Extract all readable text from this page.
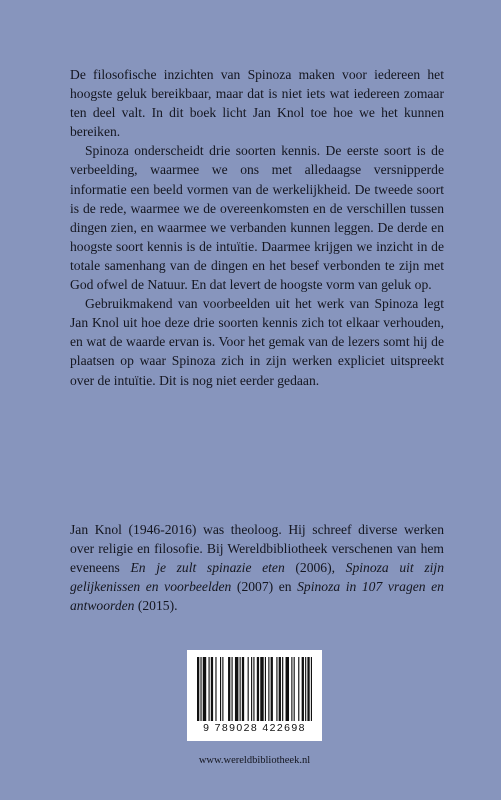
De filosofische inzichten van Spinoza maken voor iedereen het hoogste geluk bereikbaar, maar dat is niet iets wat iedereen zomaar ten deel valt. In dit boek licht Jan Knol toe hoe we het kunnen bereiken.

Spinoza onderscheidt drie soorten kennis. De eerste soort is de verbeelding, waarmee we ons met alledaagse versnipperde informatie een beeld vormen van de werkelijkheid. De tweede soort is de rede, waarmee we de overeenkomsten en de verschillen tussen dingen zien, en waarmee we verbanden kunnen leggen. De derde en hoogste soort kennis is de intuïtie. Daarmee krijgen we inzicht in de totale samenhang van de dingen en het besef verbonden te zijn met God ofwel de Natuur. En dat levert de hoogste vorm van geluk op.

Gebruikmakend van voorbeelden uit het werk van Spinoza legt Jan Knol uit hoe deze drie soorten kennis zich tot elkaar verhouden, en wat de waarde ervan is. Voor het gemak van de lezers somt hij de plaatsen op waar Spinoza zich in zijn werken expliciet uitspreekt over de intuïtie. Dit is nog niet eerder gedaan.

Jan Knol (1946-2016) was theoloog. Hij schreef diverse werken over religie en filosofie. Bij Wereldbibliotheek verschenen van hem eveneens En je zult spinazie eten (2006), Spinoza uit zijn gelijkenissen en voorbeelden (2007) en Spinoza in 107 vragen en antwoorden (2015).

9 789028 422698
www.wereldbibliotheek.nl
